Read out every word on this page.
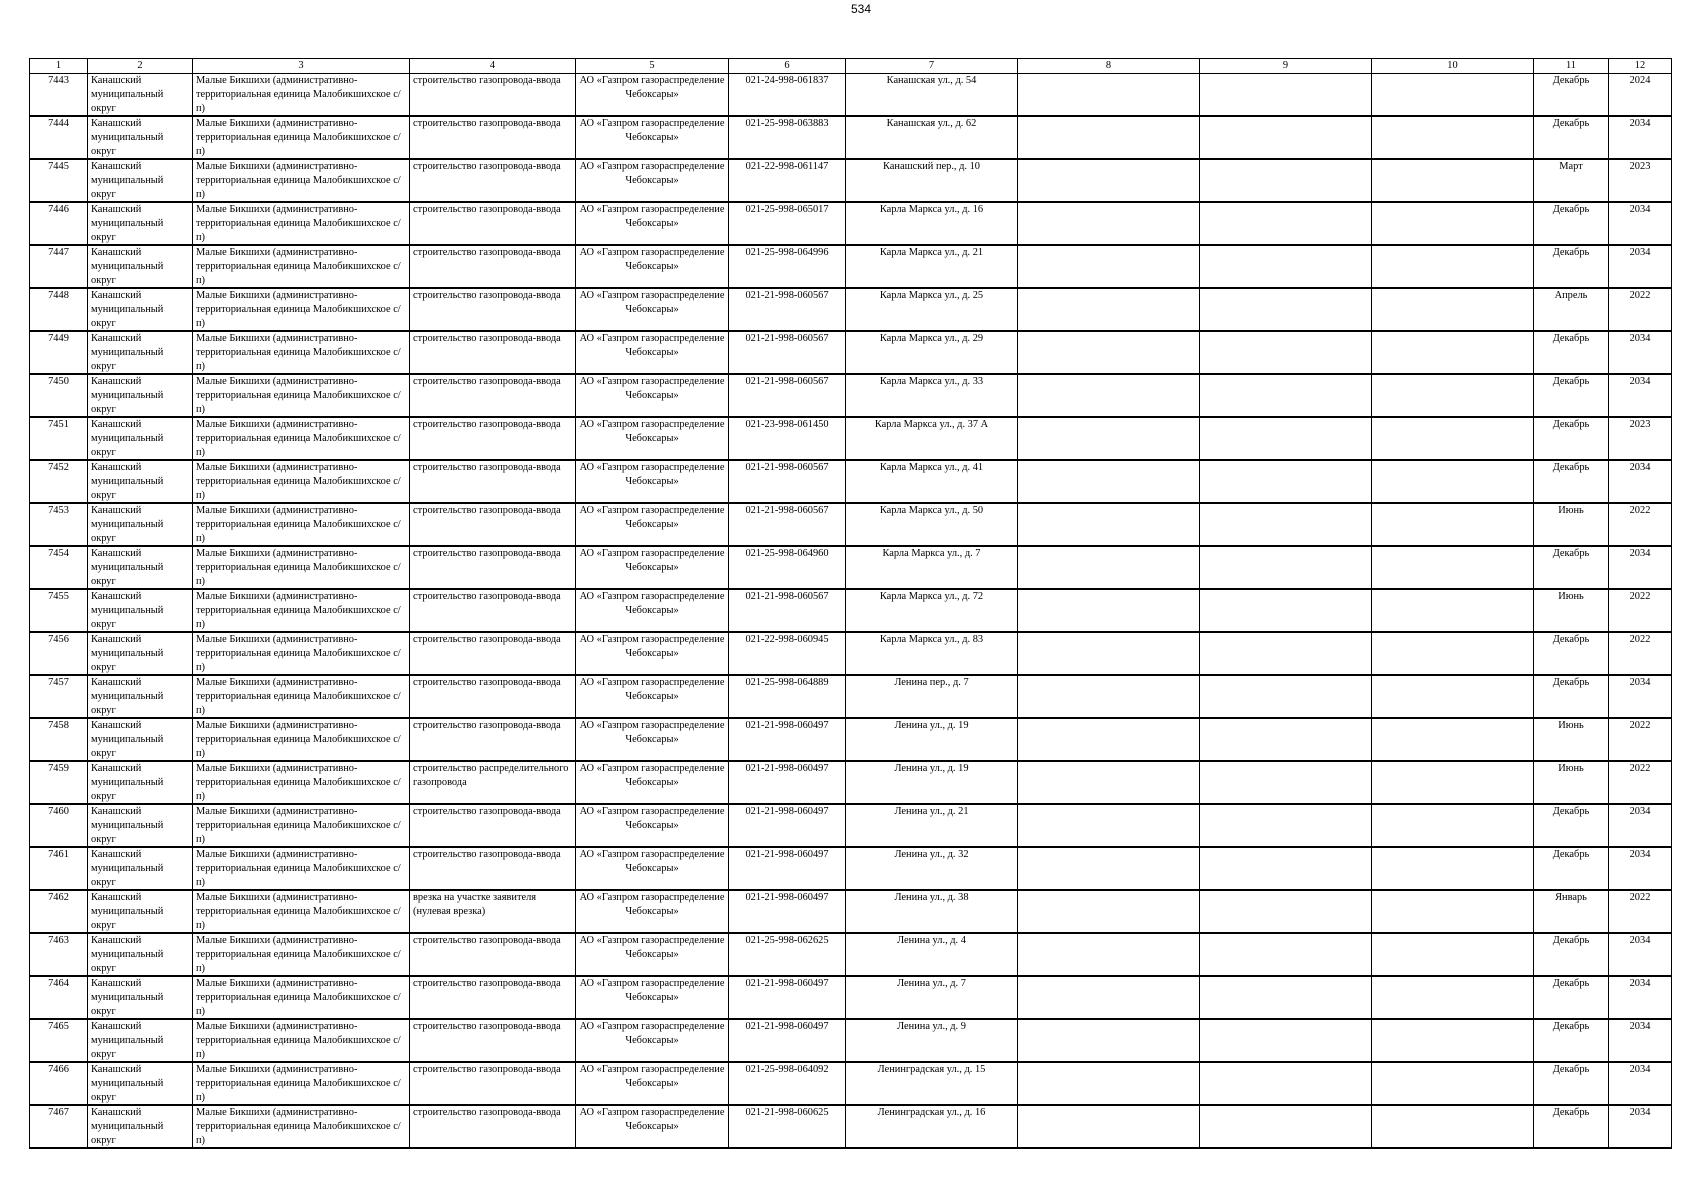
534
1	2	3	4	5	6	7	8	9	10	11	12

7443	Канашский муниципальный округ	Малые Бикшихи (административно-территориальная единица Малобикшихское с/п)	строительство газопровода-ввода	АО «Газпром газораспределение Чебоксары»	021-24-998-061837	Канашская ул., д. 54				Декабрь	2024

7444	Канашский муниципальный округ	Малые Бикшихи (административно-территориальная единица Малобикшихское с/п)	строительство газопровода-ввода	АО «Газпром газораспределение Чебоксары»	021-25-998-063883	Канашская ул., д. 62				Декабрь	2034

7445	Канашский муниципальный округ	Малые Бикшихи (административно-территориальная единица Малобикшихское с/п)	строительство газопровода-ввода	АО «Газпром газораспределение Чебоксары»	021-22-998-061147	Канашский пер., д. 10				Март	2023

7446	Канашский муниципальный округ	Малые Бикшихи (административно-территориальная единица Малобикшихское с/п)	строительство газопровода-ввода	АО «Газпром газораспределение Чебоксары»	021-25-998-065017	Карла Маркса ул., д. 16				Декабрь	2034

7447	Канашский муниципальный округ	Малые Бикшихи (административно-территориальная единица Малобикшихское с/п)	строительство газопровода-ввода	АО «Газпром газораспределение Чебоксары»	021-25-998-064996	Карла Маркса ул., д. 21				Декабрь	2034

7448	Канашский муниципальный округ	Малые Бикшихи (административно-территориальная единица Малобикшихское с/п)	строительство газопровода-ввода	АО «Газпром газораспределение Чебоксары»	021-21-998-060567	Карла Маркса ул., д. 25				Апрель	2022

7449	Канашский муниципальный округ	Малые Бикшихи (административно-территориальная единица Малобикшихское с/п)	строительство газопровода-ввода	АО «Газпром газораспределение Чебоксары»	021-21-998-060567	Карла Маркса ул., д. 29				Декабрь	2034

7450	Канашский муниципальный округ	Малые Бикшихи (административно-территориальная единица Малобикшихское с/п)	строительство газопровода-ввода	АО «Газпром газораспределение Чебоксары»	021-21-998-060567	Карла Маркса ул., д. 33				Декабрь	2034

7451	Канашский муниципальный округ	Малые Бикшихи (административно-территориальная единица Малобикшихское с/п)	строительство газопровода-ввода	АО «Газпром газораспределение Чебоксары»	021-23-998-061450	Карла Маркса ул., д. 37 А				Декабрь	2023

7452	Канашский муниципальный округ	Малые Бикшихи (административно-территориальная единица Малобикшихское с/п)	строительство газопровода-ввода	АО «Газпром газораспределение Чебоксары»	021-21-998-060567	Карла Маркса ул., д. 41				Декабрь	2034

7453	Канашский муниципальный округ	Малые Бикшихи (административно-территориальная единица Малобикшихское с/п)	строительство газопровода-ввода	АО «Газпром газораспределение Чебоксары»	021-21-998-060567	Карла Маркса ул., д. 50				Июнь	2022

7454	Канашский муниципальный округ	Малые Бикшихи (административно-территориальная единица Малобикшихское с/п)	строительство газопровода-ввода	АО «Газпром газораспределение Чебоксары»	021-25-998-064960	Карла Маркса ул., д. 7				Декабрь	2034

7455	Канашский муниципальный округ	Малые Бикшихи (административно-территориальная единица Малобикшихское с/п)	строительство газопровода-ввода	АО «Газпром газораспределение Чебоксары»	021-21-998-060567	Карла Маркса ул., д. 72				Июнь	2022

7456	Канашский муниципальный округ	Малые Бикшихи (административно-территориальная единица Малобикшихское с/п)	строительство газопровода-ввода	АО «Газпром газораспределение Чебоксары»	021-22-998-060945	Карла Маркса ул., д. 83				Декабрь	2022

7457	Канашский муниципальный округ	Малые Бикшихи (административно-территориальная единица Малобикшихское с/п)	строительство газопровода-ввода	АО «Газпром газораспределение Чебоксары»	021-25-998-064889	Ленина пер., д. 7				Декабрь	2034

7458	Канашский муниципальный округ	Малые Бикшихи (административно-территориальная единица Малобикшихское с/п)	строительство газопровода-ввода	АО «Газпром газораспределение Чебоксары»	021-21-998-060497	Ленина ул., д. 19				Июнь	2022

7459	Канашский муниципальный округ	Малые Бикшихи (административно-территориальная единица Малобикшихское с/п)	строительство распределительного газопровода	АО «Газпром газораспределение Чебоксары»	021-21-998-060497	Ленина ул., д. 19				Июнь	2022

7460	Канашский муниципальный округ	Малые Бикшихи (административно-территориальная единица Малобикшихское с/п)	строительство газопровода-ввода	АО «Газпром газораспределение Чебоксары»	021-21-998-060497	Ленина ул., д. 21				Декабрь	2034

7461	Канашский муниципальный округ	Малые Бикшихи (административно-территориальная единица Малобикшихское с/п)	строительство газопровода-ввода	АО «Газпром газораспределение Чебоксары»	021-21-998-060497	Ленина ул., д. 32				Декабрь	2034

7462	Канашский муниципальный округ	Малые Бикшихи (административно-территориальная единица Малобикшихское с/п)	врезка на участке заявителя (нулевая врезка)	АО «Газпром газораспределение Чебоксары»	021-21-998-060497	Ленина ул., д. 38				Январь	2022

7463	Канашский муниципальный округ	Малые Бикшихи (административно-территориальная единица Малобикшихское с/п)	строительство газопровода-ввода	АО «Газпром газораспределение Чебоксары»	021-25-998-062625	Ленина ул., д. 4				Декабрь	2034

7464	Канашский муниципальный округ	Малые Бикшихи (административно-территориальная единица Малобикшихское с/п)	строительство газопровода-ввода	АО «Газпром газораспределение Чебоксары»	021-21-998-060497	Ленина ул., д. 7				Декабрь	2034

7465	Канашский муниципальный округ	Малые Бикшихи (административно-территориальная единица Малобикшихское с/п)	строительство газопровода-ввода	АО «Газпром газораспределение Чебоксары»	021-21-998-060497	Ленина ул., д. 9				Декабрь	2034

7466	Канашский муниципальный округ	Малые Бикшихи (административно-территориальная единица Малобикшихское с/п)	строительство газопровода-ввода	АО «Газпром газораспределение Чебоксары»	021-25-998-064092	Ленинградская ул., д. 15				Декабрь	2034

7467	Канашский муниципальный округ	Малые Бикшихи (административно-территориальная единица Малобикшихское с/п)	строительство газопровода-ввода	АО «Газпром газораспределение Чебоксары»	021-21-998-060625	Ленинградская ул., д. 16				Декабрь	2034
